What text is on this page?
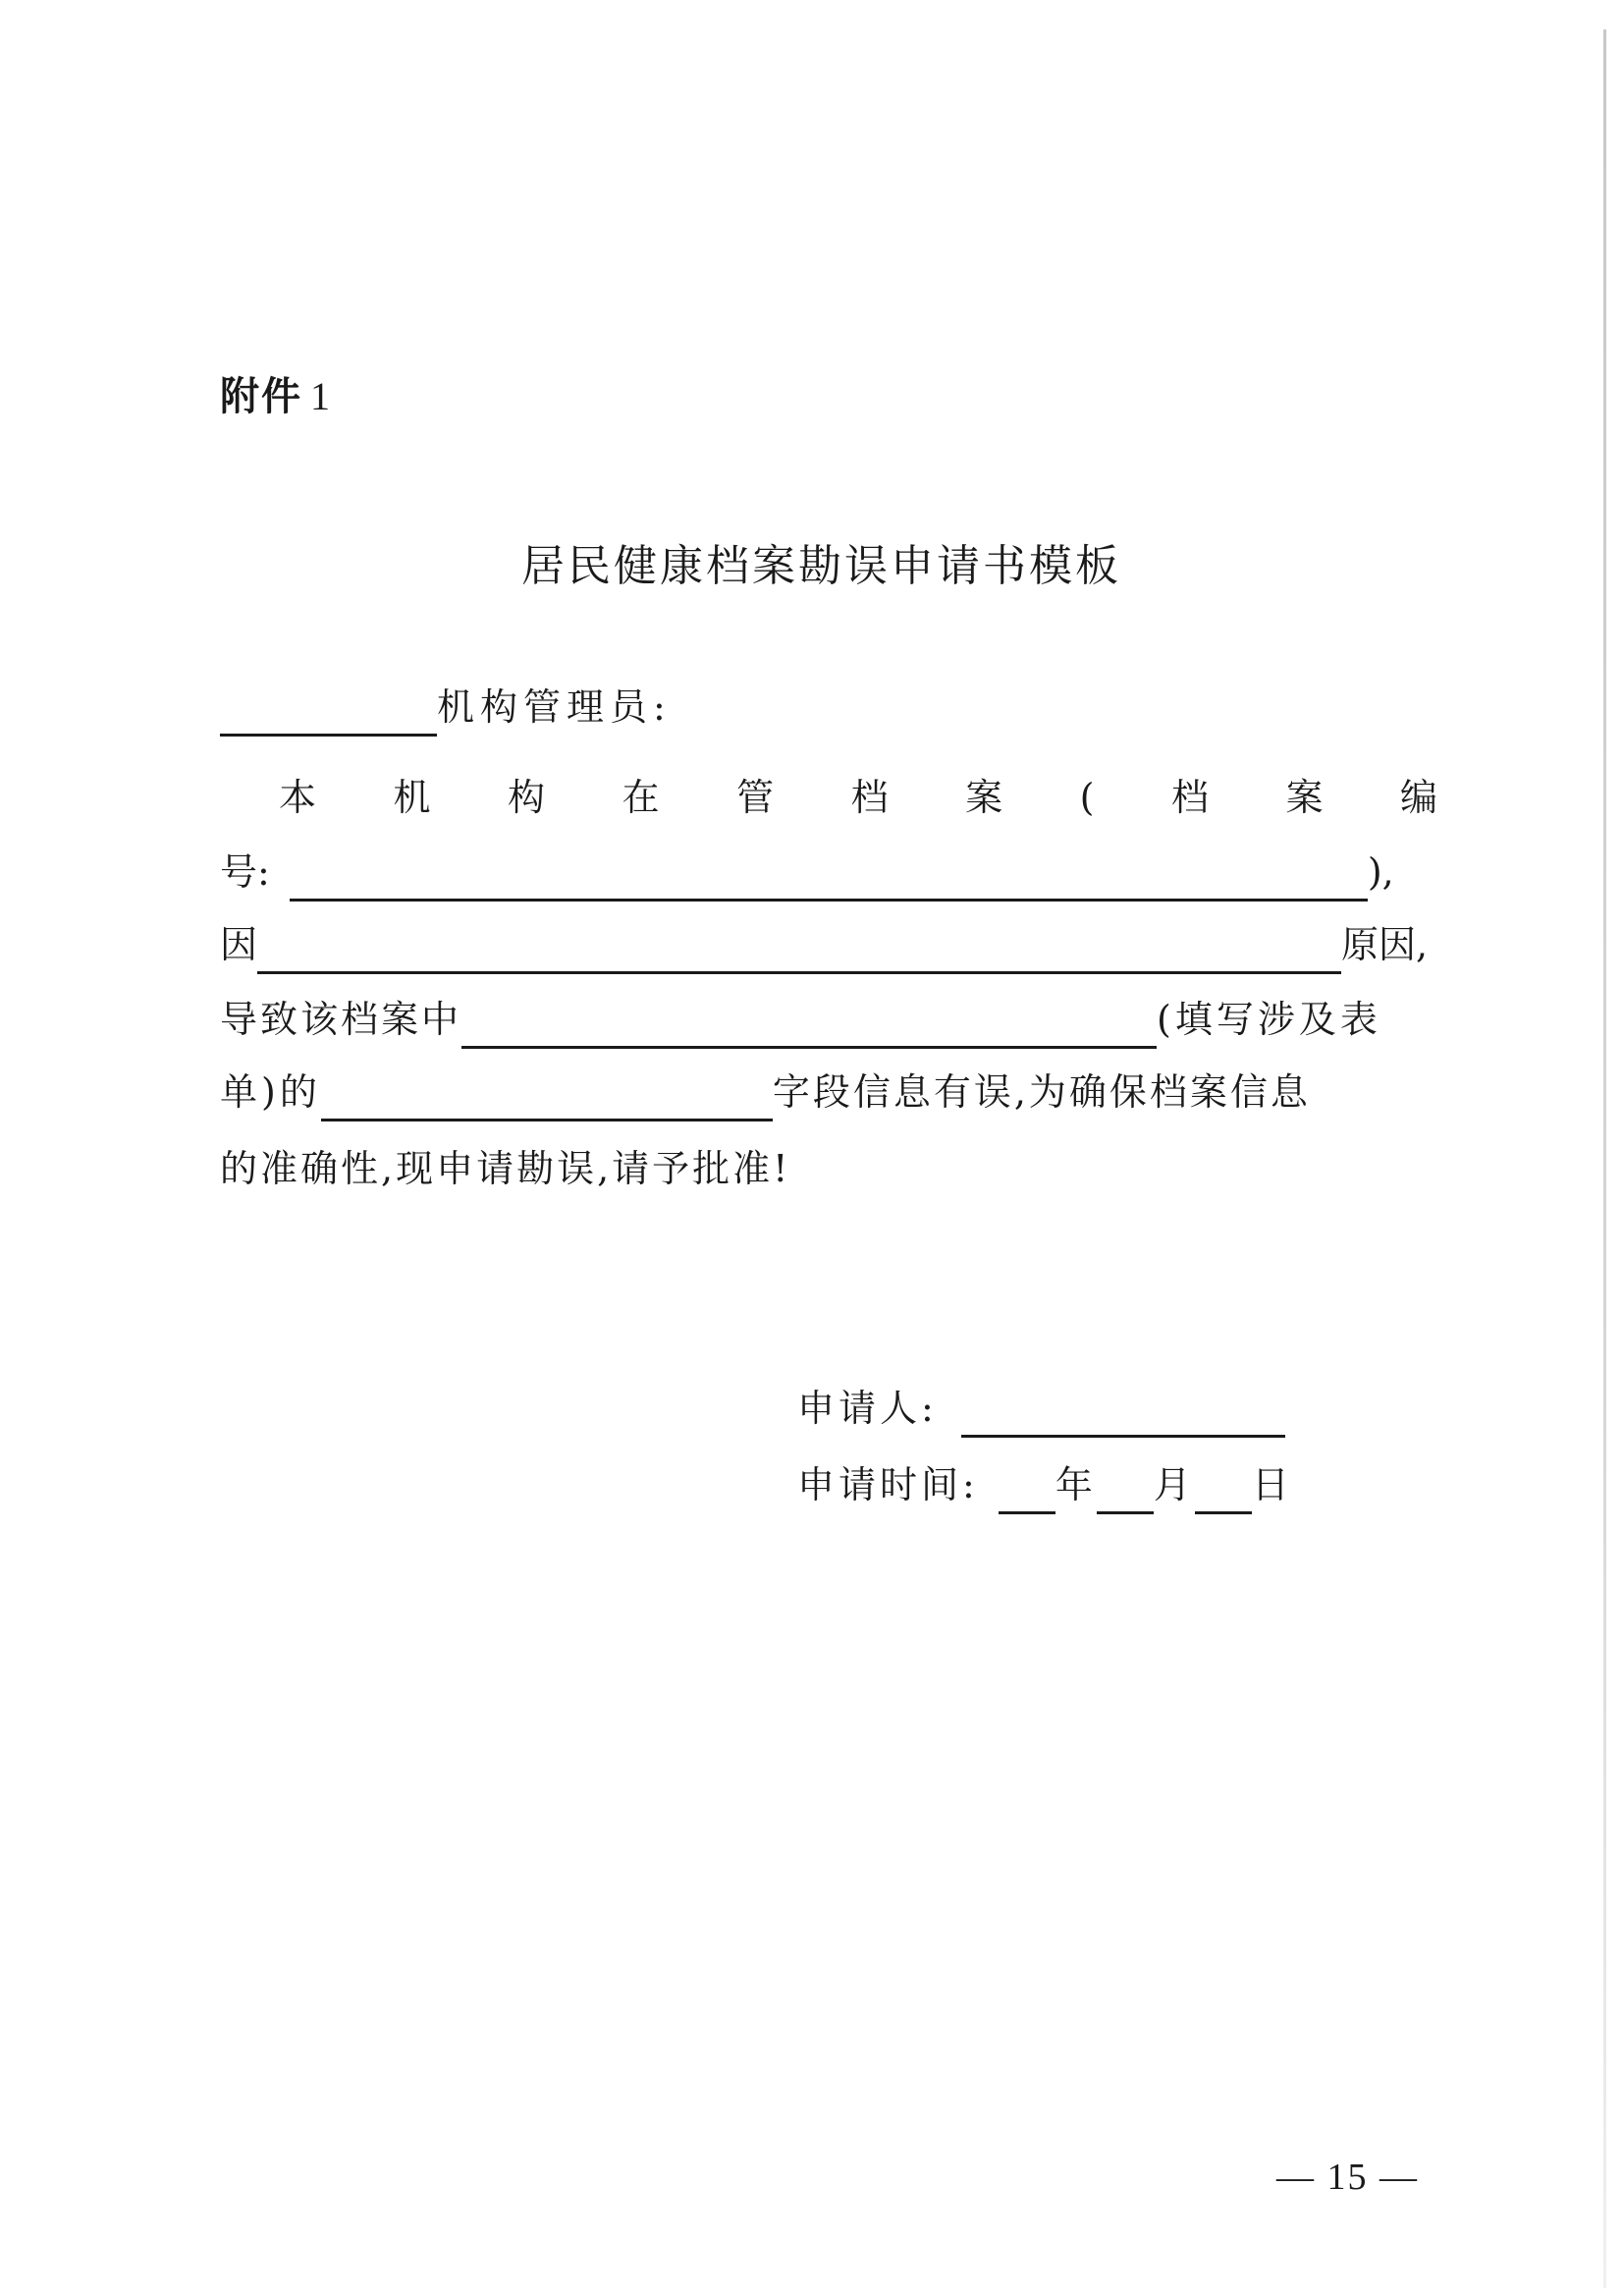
附件 1
居民健康档案勘误申请书模板
机构管理员:
本 机 构 在 管 档 案 ( 档 案 编
号:	),
因	原因,
导致该档案中	(填写涉及表
单)的	字段信息有误,为确保档案信息
的准确性,现申请勘误,请予批准!
申请人:
申请时间: 年 月 日
— 15 —
